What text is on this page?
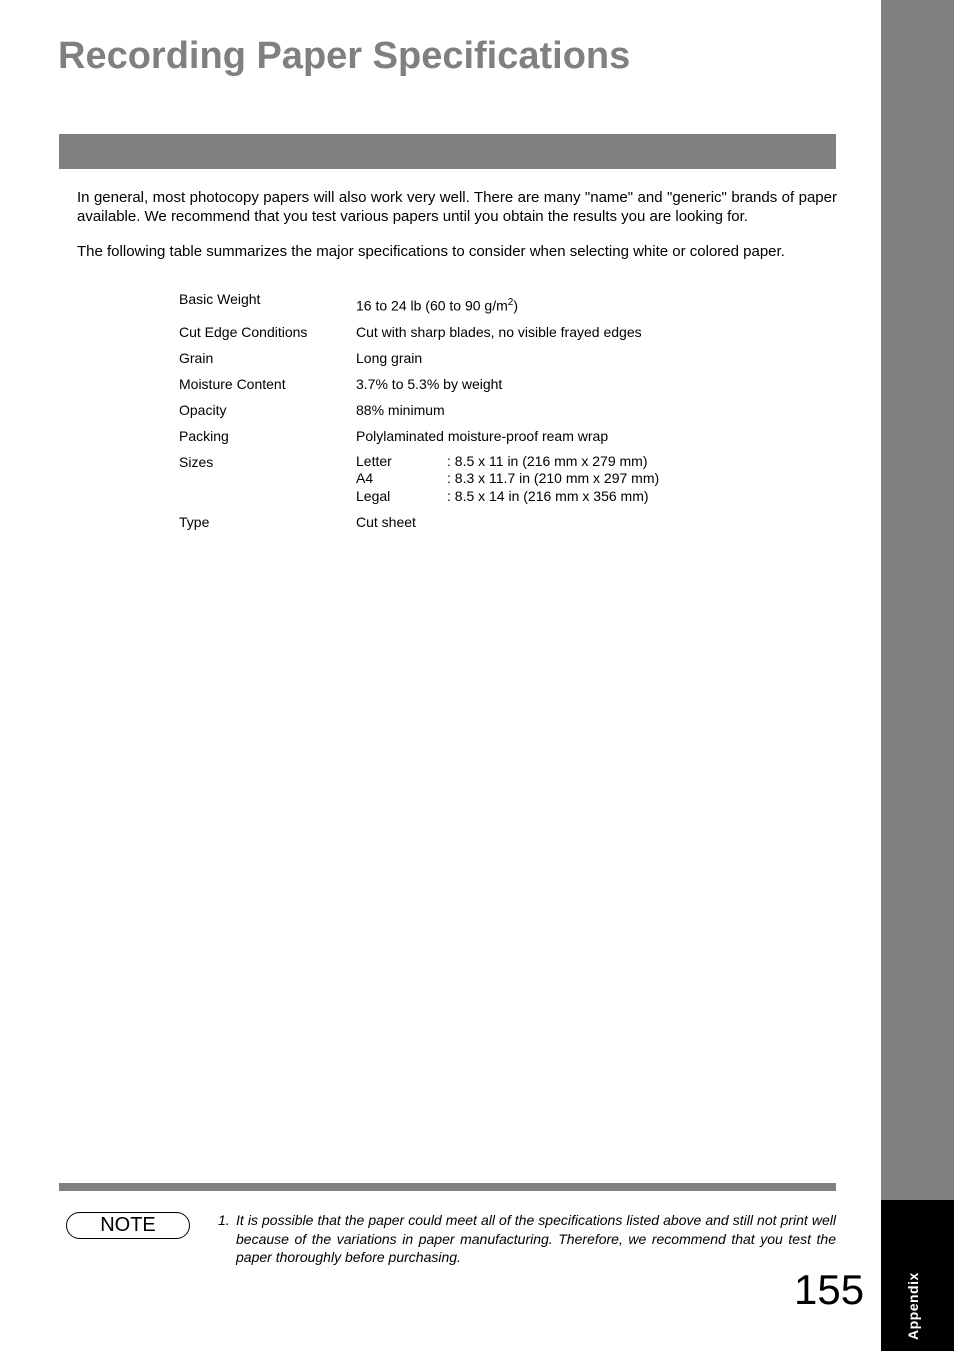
Appendix
Recording Paper Specifications

In general, most photocopy papers will also work very well. There are many "name" and "generic" brands of paper available. We recommend that you test various papers until you obtain the results you are looking for.

The following table summarizes the major specifications to consider when selecting white or colored paper.

Basic Weight	16 to 24 lb (60 to 90 $g/m^2$)
Cut Edge Conditions	Cut with sharp blades, no visible frayed edges
Grain	Long grain
Moisture Content	3.7% to 5.3% by weight
Opacity	88% minimum
Packing	Polylaminated moisture-proof ream wrap
Sizes	Letter	: 8.5 x 11 in (216 mm x 279 mm)
A4	: 8.3 x 11.7 in (210 mm x 297 mm)
Legal	: 8.5 x 14 in (216 mm x 356 mm)
Type	Cut sheet
NOTE	1. It is possible that the paper could meet all of the specifications listed above and still not print well because of the variations in paper manufacturing. Therefore, we recommend that you test the paper thoroughly before purchasing.
155
